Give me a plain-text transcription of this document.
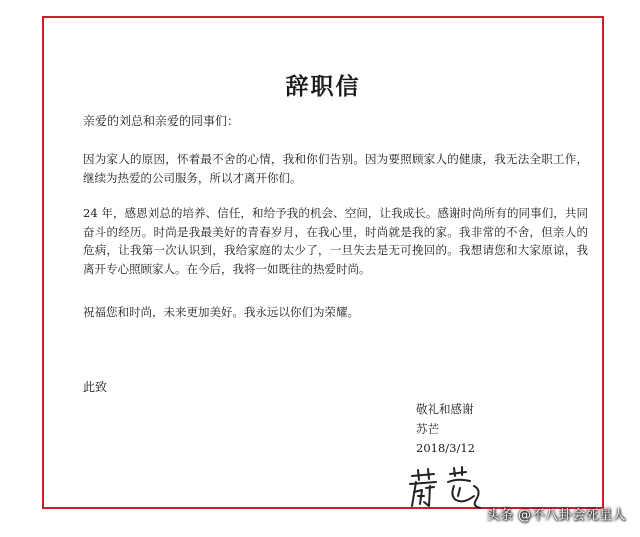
辞职信
亲爱的刘总和亲爱的同事们：
因为家人的原因，怀着最不舍的心情，我和你们告别。因为要照顾家人的健康，我无法全职工作，继续为热爱的公司服务，所以才离开你们。
24 年，感恩刘总的培养、信任，和给予我的机会、空间，让我成长。感谢时尚所有的同事们，共同奋斗的经历。时尚是我最美好的青春岁月，在我心里，时尚就是我的家。我非常的不舍，但亲人的危病，让我第一次认识到，我给家庭的太少了，一旦失去是无可挽回的。我想请您和大家原谅，我离开专心照顾家人。在今后，我将一如既往的热爱时尚。
祝福您和时尚，未来更加美好。我永远以你们为荣耀。
此致
敬礼和感谢
苏芒
2018/3/12
头条 @不八卦会死星人
